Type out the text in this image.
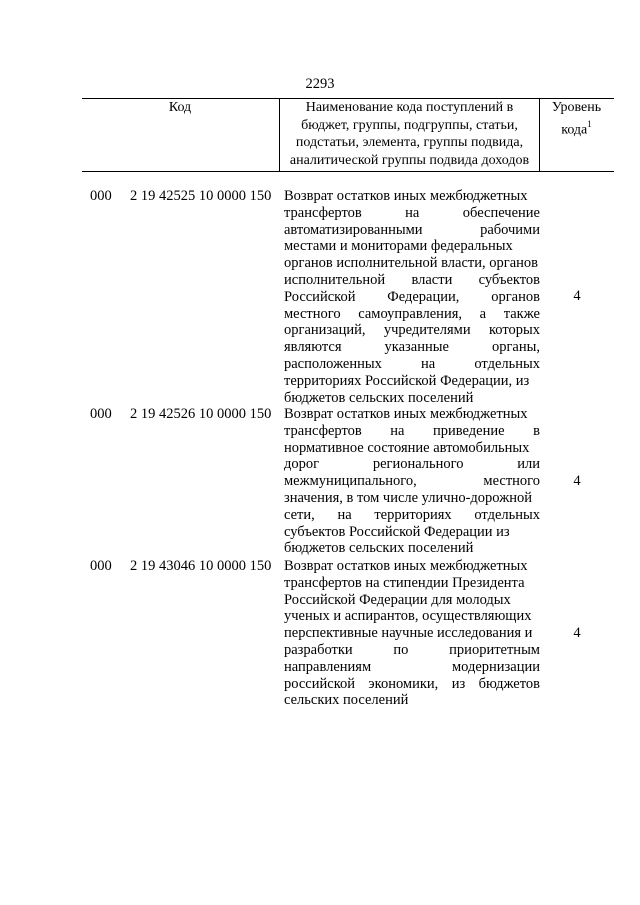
2293
Код	Наименование кода поступлений в
бюджет, группы, подгруппы, статьи,
подстатьи, элемента, группы подвида,
аналитической группы подвида доходов
Уровень
кода$^1$
000 2 19 42525 10 0000 150 Возврат остатков иных межбюджетных
трансфертов	на	обеспечение
автоматизированными	рабочими
местами и мониторами федеральных
органов исполнительной власти, органов
исполнительной власти субъектов
Российской Федерации, органов
местного самоуправления, а также
организаций, учредителями которых
являются	указанные	органы,
расположенных	на	отдельных
территориях Российской Федерации, из
бюджетов сельских поселений
4
000 2 19 42526 10 0000 150 Возврат остатков иных межбюджетных
трансфертов на приведение в
нормативное состояние автомобильных
дорог	регионального	или
межмуниципального,	местного
значения, в том числе улично-дорожной
сети, на территориях отдельных
субъектов Российской Федерации из
бюджетов сельских поселений
4
000 2 19 43046 10 0000 150 Возврат остатков иных межбюджетных
трансфертов на стипендии Президента
Российской Федерации для молодых
ученых и аспирантов, осуществляющих
перспективные научные исследования и
разработки	по	приоритетным
направлениям	модернизации
российской экономики, из бюджетов
сельских поселений
4
